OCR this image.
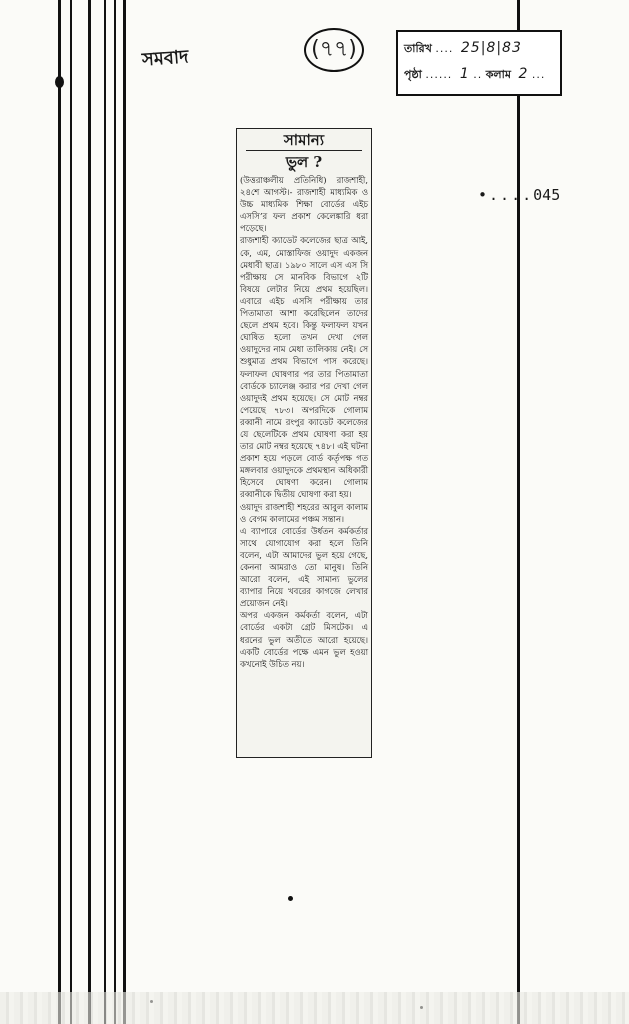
সমবাদ	(৭৭)	তারিখ .... 25|8|83
পৃষ্ঠা ...... 1 .. কলাম 2 ...
•....045
সামান্য
ভুল ?

(উত্তরাঞ্চলীয় প্রতিনিধি) রাজশাহী, ২৪শে আগস্ট।- রাজশাহী মাধ্যমিক ও উচ্চ মাধ্যমিক শিক্ষা বোর্ডের এইচ এসসি’র ফল প্রকাশ কেলেঙ্কারি ধরা পড়েছে।

রাজশাহী ক্যাডেট কলেজের ছাত্র আই, কে, এম, মোস্তাফিজ ওয়াদুদ একজন মেধাবী ছাত্র। ১৯৮০ সালে এস এস সি পরীক্ষায় সে মানবিক বিভাগে ২টি বিষয়ে লেটার নিয়ে প্রথম হয়েছিল। এবারে এইচ এসসি পরীক্ষায় তার পিতামাতা আশা করেছিলেন তাদের ছেলে প্রথম হবে। কিন্তু ফলাফল যখন ঘোষিত হলো তখন দেখা গেল ওয়াদুদের নাম মেধা তালিকায় নেই। সে শুধুমাত্র প্রথম বিভাগে পাস করেছে। ফলাফল ঘোষণার পর তার পিতামাতা বোর্ডকে চ্যালেঞ্জ করার পর দেখা গেল ওয়াদুদই প্রথম হয়েছে। সে মোট নম্বর পেয়েছে ৭৮৩। অপরদিকে গোলাম রব্বানী নামে রংপুর ক্যাডেট কলেজের যে ছেলেটিকে প্রথম ঘোষণা করা হয় তার মোট নম্বর হয়েছে ৭৪৮। এই ঘটনা প্রকাশ হয়ে পড়লে বোর্ড কর্তৃপক্ষ গত মঙ্গলবার ওয়াদুদকে প্রথমস্থান অধিকারী হিসেবে ঘোষণা করেন। গোলাম রব্বানীকে দ্বিতীয় ঘোষণা করা হয়।

ওয়াদুদ রাজশাহী শহরের আবুল কালাম ও বেগম কালামের পঞ্চম সন্তান।

এ ব্যাপারে বোর্ডের উর্ধতন কর্মকর্তার সাথে যোগাযোগ করা হলে তিনি বলেন, এটা আমাদের ভুল হয়ে গেছে, কেননা আমরাও তো মানুষ। তিনি আরো বলেন, এই সামান্য ভুলের ব্যাপার নিয়ে খবরের কাগজে লেখার প্রয়োজন নেই।

অপর একজন কর্মকর্তা বলেন, এটা বোর্ডের একটা গ্রেট মিসটেক। এ ধরনের ভুল অতীতে আরো হয়েছে। একটি বোর্ডের পক্ষে এমন ভুল হওয়া কখনোই উচিত নয়।
